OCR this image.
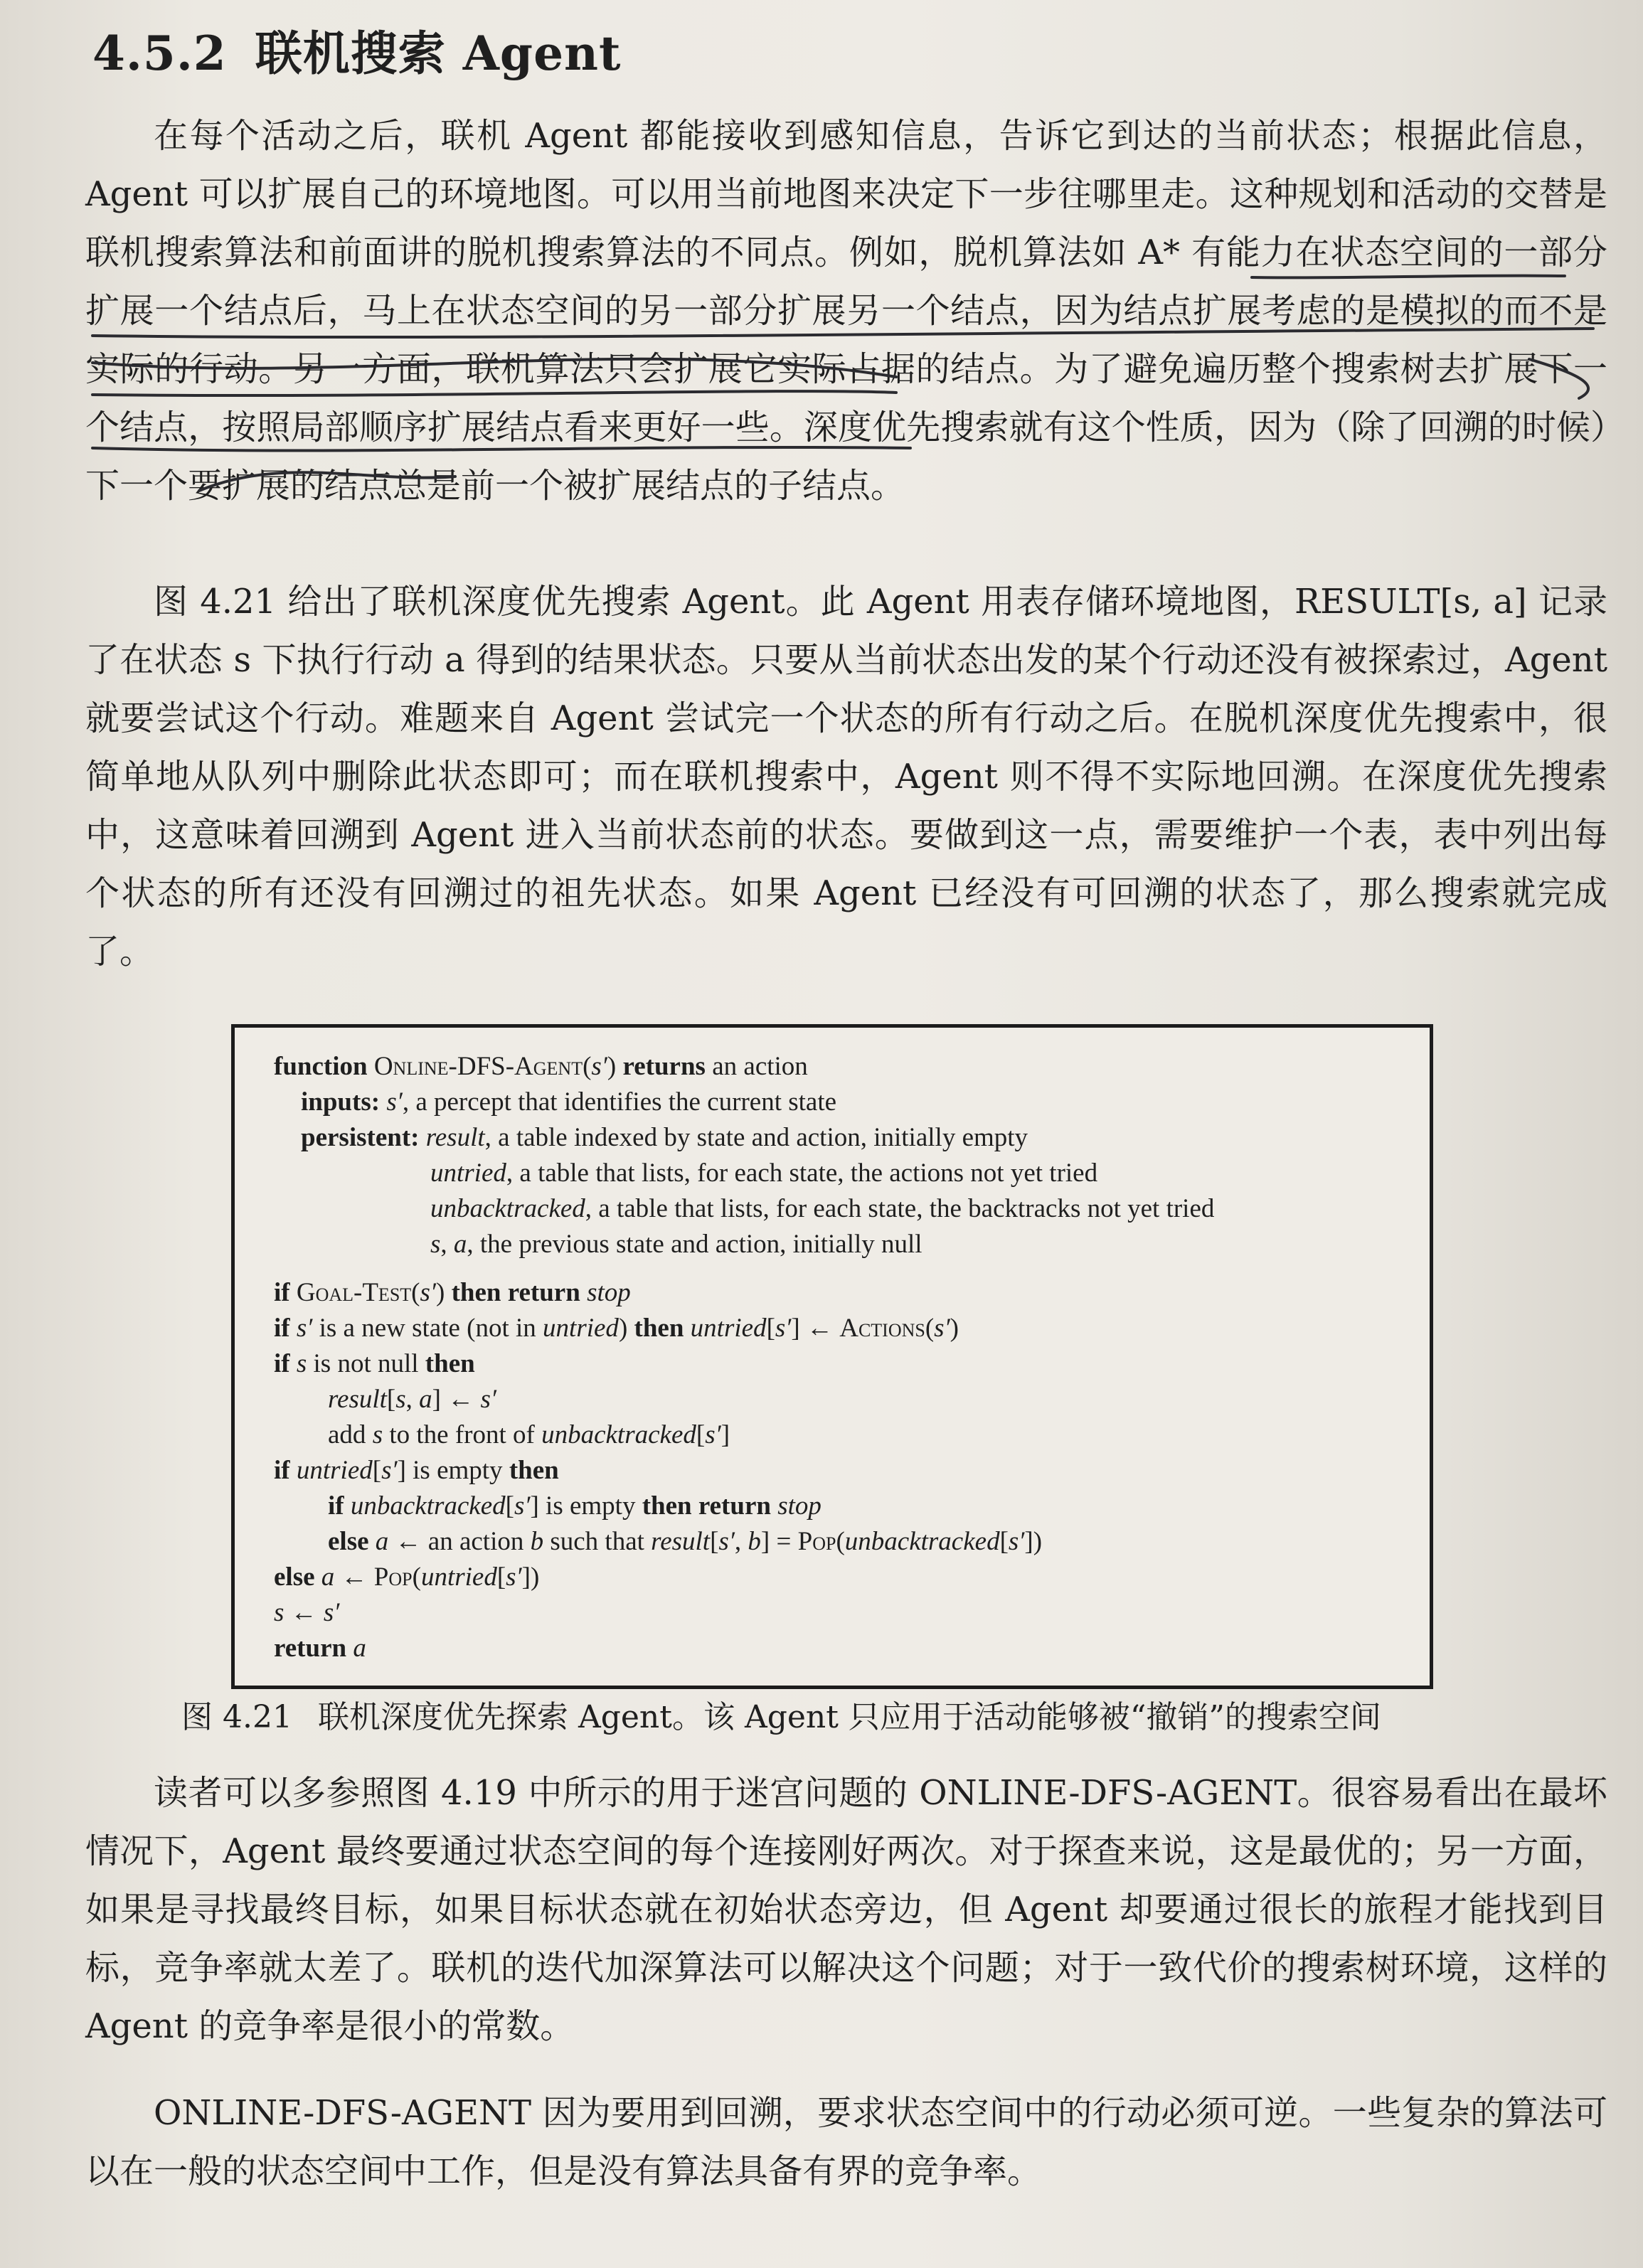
4.5.2 联机搜索 Agent

在每个活动之后，联机 Agent 都能接收到感知信息，告诉它到达的当前状态；根据此信息，Agent 可以扩展自己的环境地图。可以用当前地图来决定下一步往哪里走。这种规划和活动的交替是联机搜索算法和前面讲的脱机搜索算法的不同点。例如，脱机算法如 A* 有能力在状态空间的一部分扩展一个结点后，马上在状态空间的另一部分扩展另一个结点，因为结点扩展考虑的是模拟的而不是实际的行动。另一方面，联机算法只会扩展它实际占据的结点。为了避免遍历整个搜索树去扩展下一个结点，按照局部顺序扩展结点看来更好一些。深度优先搜索就有这个性质，因为（除了回溯的时候）下一个要扩展的结点总是前一个被扩展结点的子结点。

图 4.21 给出了联机深度优先搜索 Agent。此 Agent 用表存储环境地图，RESULT[s, a] 记录了在状态 s 下执行行动 a 得到的结果状态。只要从当前状态出发的某个行动还没有被探索过，Agent 就要尝试这个行动。难题来自 Agent 尝试完一个状态的所有行动之后。在脱机深度优先搜索中，很简单地从队列中删除此状态即可；而在联机搜索中，Agent 则不得不实际地回溯。在深度优先搜索中，这意味着回溯到 Agent 进入当前状态前的状态。要做到这一点，需要维护一个表，表中列出每个状态的所有还没有回溯过的祖先状态。如果 Agent 已经没有可回溯的状态了，那么搜索就完成了。

function Online-DFS-Agent(s′) returns an action
inputs: s′, a percept that identifies the current state
persistent: result, a table indexed by state and action, initially empty
untried, a table that lists, for each state, the actions not yet tried
unbacktracked, a table that lists, for each state, the backtracks not yet tried
s, a, the previous state and action, initially null
if Goal-Test(s′) then return stop
if s′ is a new state (not in untried) then untried[s′] ← Actions(s′)
if s is not null then
result[s, a] ← s′
add s to the front of unbacktracked[s′]
if untried[s′] is empty then
if unbacktracked[s′] is empty then return stop
else a ← an action b such that result[s′, b] = Pop(unbacktracked[s′])
else a ← Pop(untried[s′])
s ← s′
return a
图 4.21 联机深度优先探索 Agent。该 Agent 只应用于活动能够被“撤销”的搜索空间

读者可以多参照图 4.19 中所示的用于迷宫问题的 ONLINE-DFS-AGENT。很容易看出在最坏情况下，Agent 最终要通过状态空间的每个连接刚好两次。对于探查来说，这是最优的；另一方面，如果是寻找最终目标，如果目标状态就在初始状态旁边，但 Agent 却要通过很长的旅程才能找到目标，竞争率就太差了。联机的迭代加深算法可以解决这个问题；对于一致代价的搜索树环境，这样的 Agent 的竞争率是很小的常数。

ONLINE-DFS-AGENT 因为要用到回溯，要求状态空间中的行动必须可逆。一些复杂的算法可以在一般的状态空间中工作，但是没有算法具备有界的竞争率。
